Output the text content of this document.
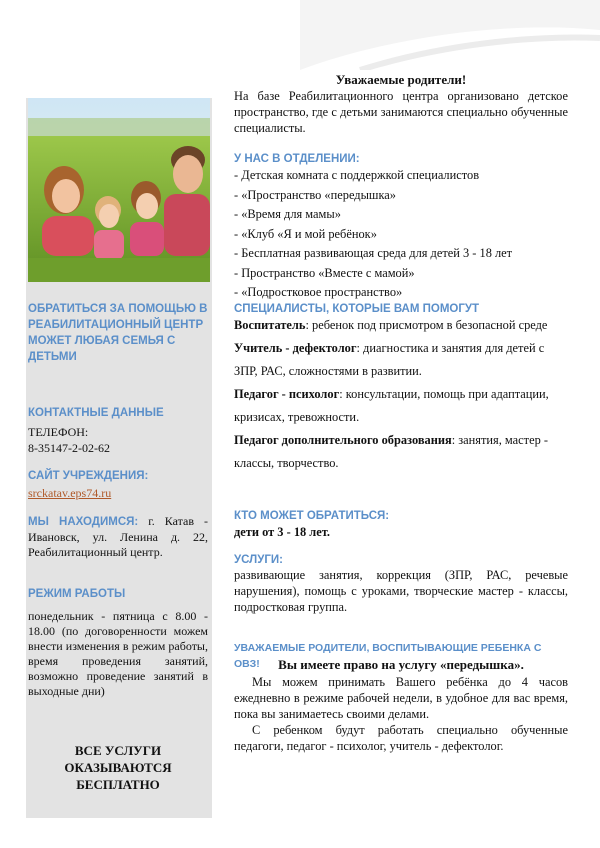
ОБРАТИТЬСЯ ЗА ПОМОЩЬЮ В РЕАБИЛИТАЦИОННЫЙ ЦЕНТР МОЖЕТ ЛЮБАЯ СЕМЬЯ С ДЕТЬМИ

КОНТАКТНЫЕ ДАННЫЕ

ТЕЛЕФОН:

8-35147-2-02-62

САЙТ УЧРЕЖДЕНИЯ:

srckatav.eps74.ru

МЫ НАХОДИМСЯ: г. Катав - Ивановск, ул. Ленина д. 22, Реабилитационный центр.

РЕЖИМ РАБОТЫ

понедельник - пятница с 8.00 - 18.00 (по договоренности можем внести изменения в режим работы, время проведения занятий, возможно проведение занятий в выходные дни)

ВСЕ УСЛУГИ
ОКАЗЫВАЮТСЯ
БЕСПЛАТНО

Уважаемые родители!

На базе Реабилитационного центра организовано детское пространство, где с детьми занимаются специально обученные специалисты.

У НАС В ОТДЕЛЕНИИ:

- Детская комната с поддержкой специалистов
- «Пространство «передышка»
- «Время для мамы»
- «Клуб «Я и мой ребёнок»
- Бесплатная развивающая среда для детей 3 - 18 лет
- Пространство «Вместе с мамой»
- «Подростковое пространство»

СПЕЦИАЛИСТЫ, КОТОРЫЕ ВАМ ПОМОГУТ

Воспитатель: ребенок под присмотром в безопасной среде

Учитель - дефектолог: диагностика и занятия для детей с ЗПР, РАС, сложностями в развитии.

Педагог - психолог: консультации, помощь при адаптации, кризисах, тревожности.

Педагог дополнительного образования: занятия, мастер - классы, творчество.

КТО МОЖЕТ ОБРАТИТЬСЯ:

дети от 3 - 18 лет.

УСЛУГИ:

развивающие занятия, коррекция (ЗПР, РАС, речевые нарушения), помощь с уроками, творческие мастер - классы, подростковая группа.

УВАЖАЕМЫЕ РОДИТЕЛИ, ВОСПИТЫВАЮЩИЕ РЕБЕНКА С ОВЗ!	Вы имеете право на услугу «передышка».

Мы можем принимать Вашего ребёнка до 4 часов ежедневно в режиме рабочей недели, в удобное для вас время, пока вы занимаетесь своими делами.

С ребенком будут работать специально обученные педагоги, педагог - психолог, учитель - дефектолог.
